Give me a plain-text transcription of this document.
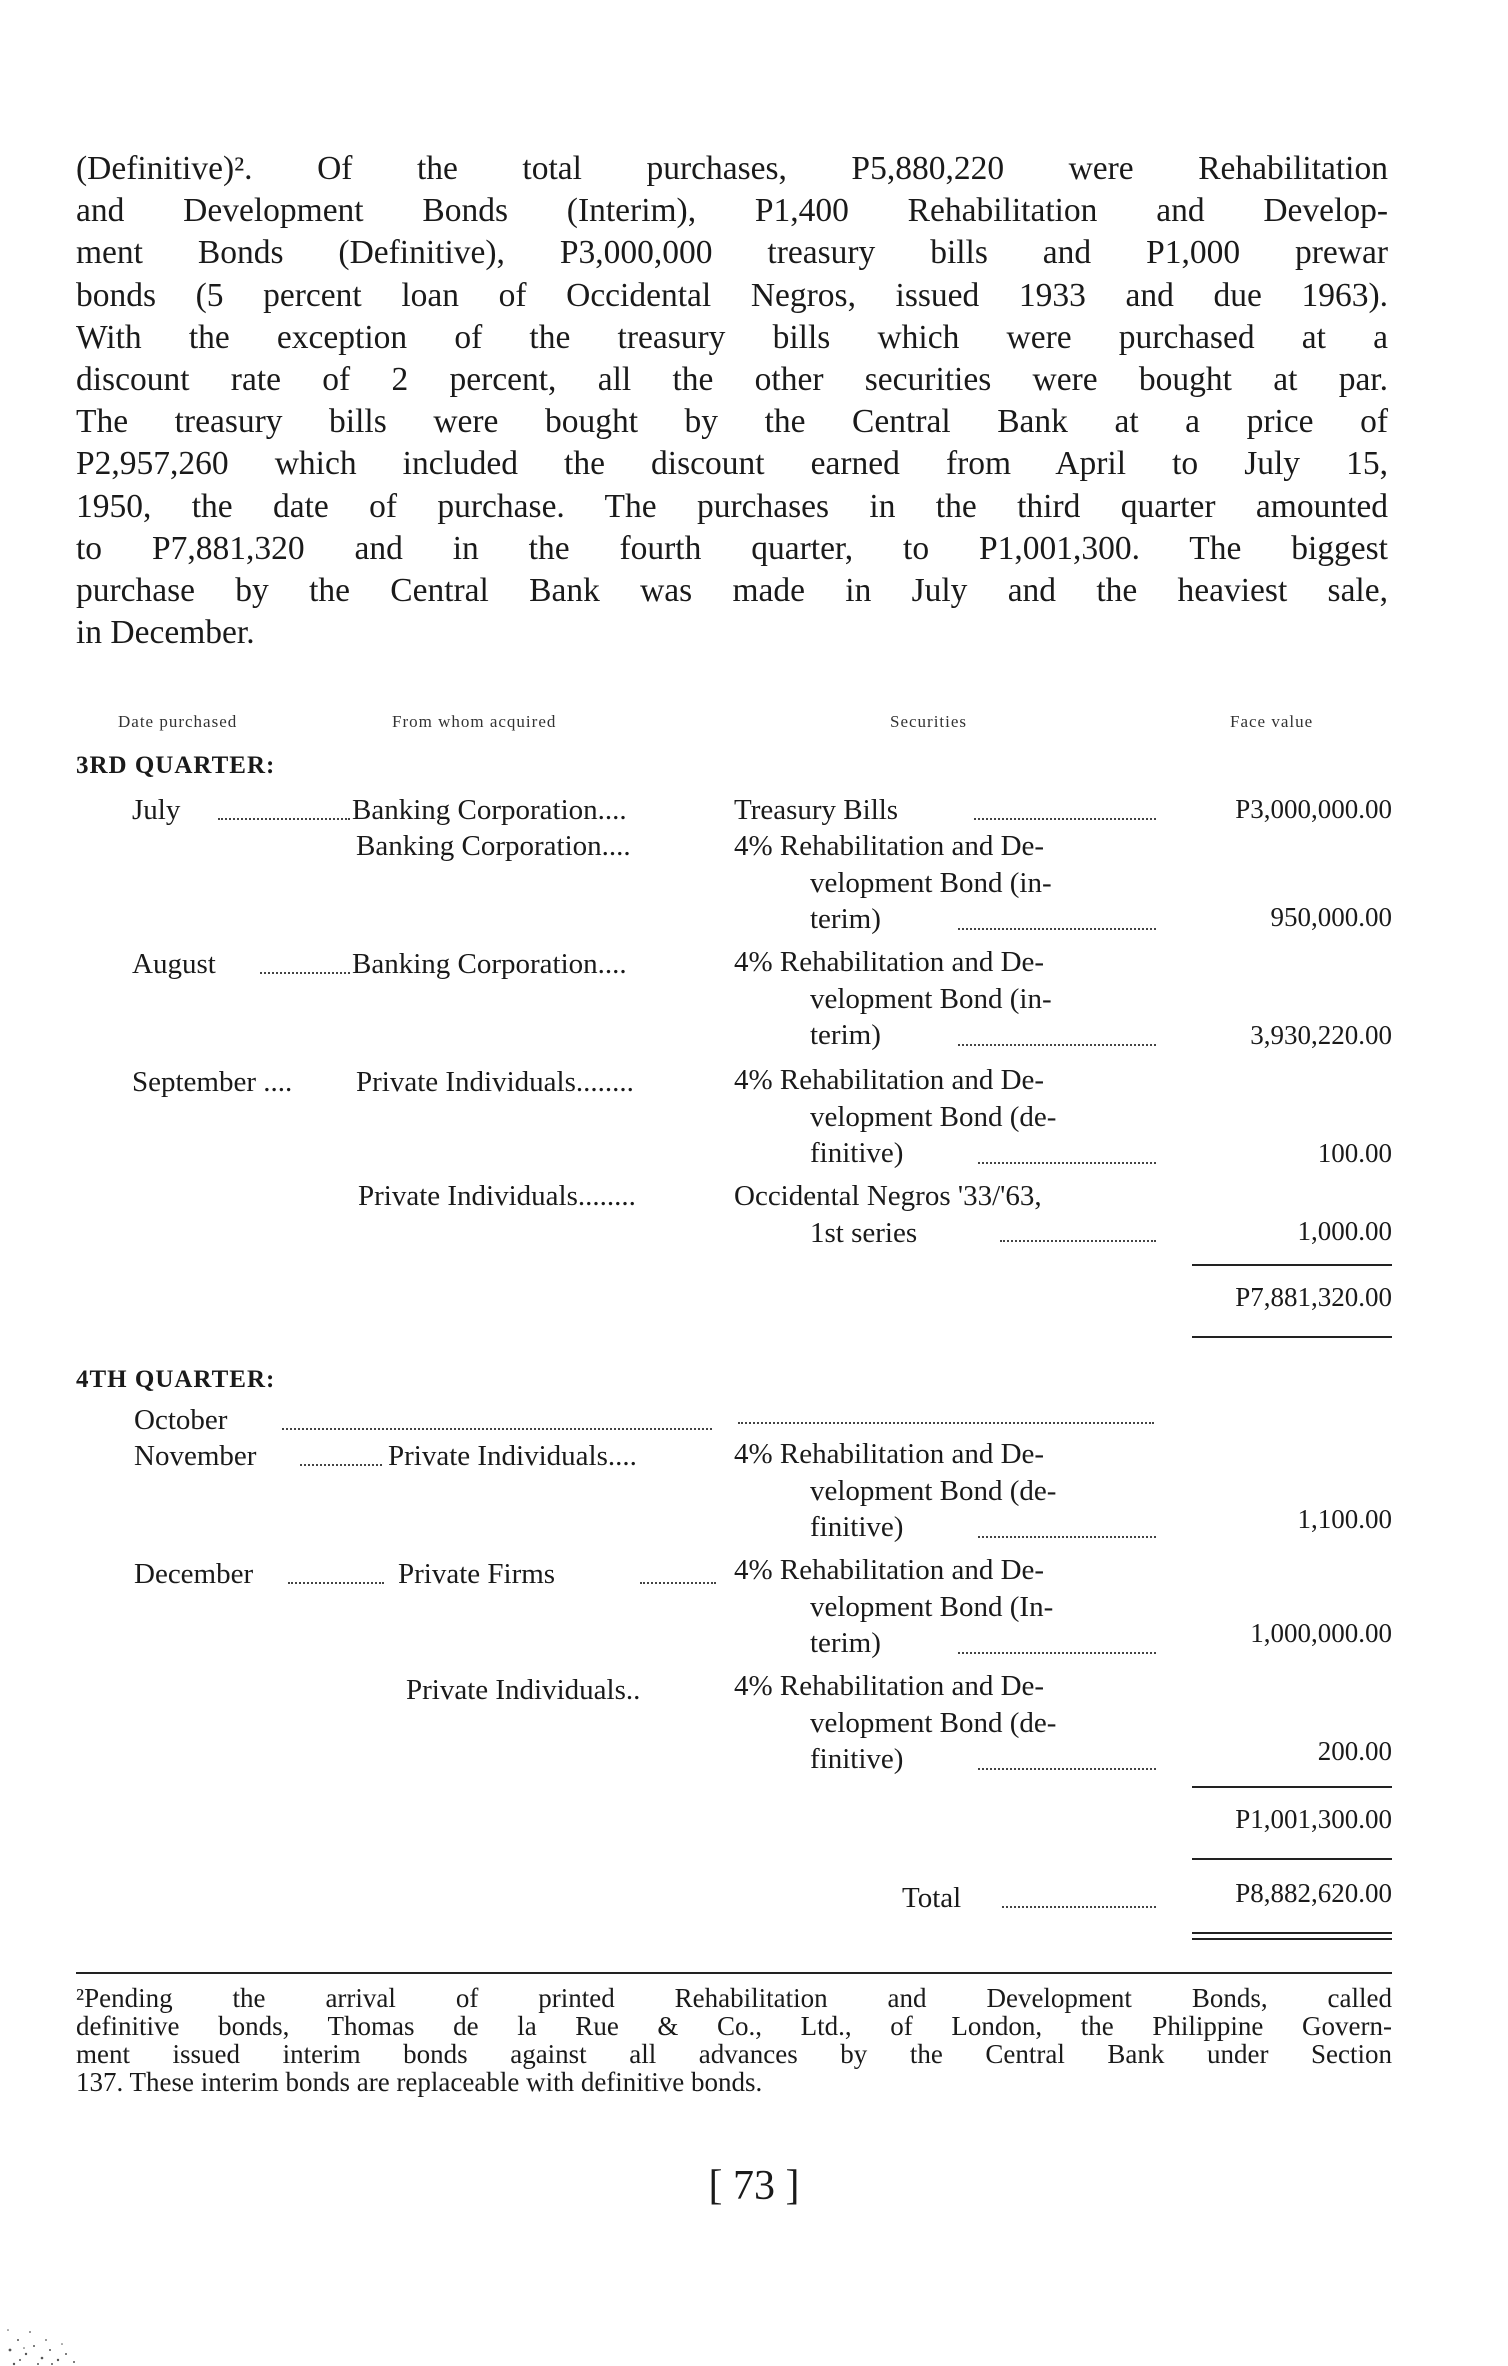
(Definitive)². Of the total purchases, P5,880,220 were Rehabilitation
and Development Bonds (Interim), P1,400 Rehabilitation and Develop-
ment Bonds (Definitive), P3,000,000 treasury bills and P1,000 prewar
bonds (5 percent loan of Occidental Negros, issued 1933 and due 1963).
With the exception of the treasury bills which were purchased at a
discount rate of 2 percent, all the other securities were bought at par.
The treasury bills were bought by the Central Bank at a price of
P2,957,260 which included the discount earned from April to July 15,
1950, the date of purchase. The purchases in the third quarter amounted
to P7,881,320 and in the fourth quarter, to P1,001,300. The biggest
purchase by the Central Bank was made in July and the heaviest sale,
in December.
Date purchased	From whom acquired	Securities	Face value
3RD QUARTER:
July	Banking Corporation....	Treasury Bills	P3,000,000.00
Banking Corporation....	4% Rehabilitation and De-
velopment Bond (in-
terim)	950,000.00
August	Banking Corporation....	4% Rehabilitation and De-
velopment Bond (in-
terim)	3,930,220.00
September .... Private Individuals........	4% Rehabilitation and De-
velopment Bond (de-
finitive)	100.00
Private Individuals........	Occidental Negros '33/'63,
1st series	1,000.00
P7,881,320.00
4TH QUARTER:
October
November	Private Individuals....	4% Rehabilitation and De-
velopment Bond (de-
finitive)	1,100.00
December	Private Firms	4% Rehabilitation and De-
velopment Bond (In-
terim)	1,000,000.00
Private Individuals..	4% Rehabilitation and De-
velopment Bond (de-
finitive)	200.00
P1,001,300.00
Total	P8,882,620.00
²Pending the arrival of printed Rehabilitation and Development Bonds, called
definitive bonds, Thomas de la Rue & Co., Ltd., of London, the Philippine Govern-
ment issued interim bonds against all advances by the Central Bank under Section
137. These interim bonds are replaceable with definitive bonds.
[ 73 ]
